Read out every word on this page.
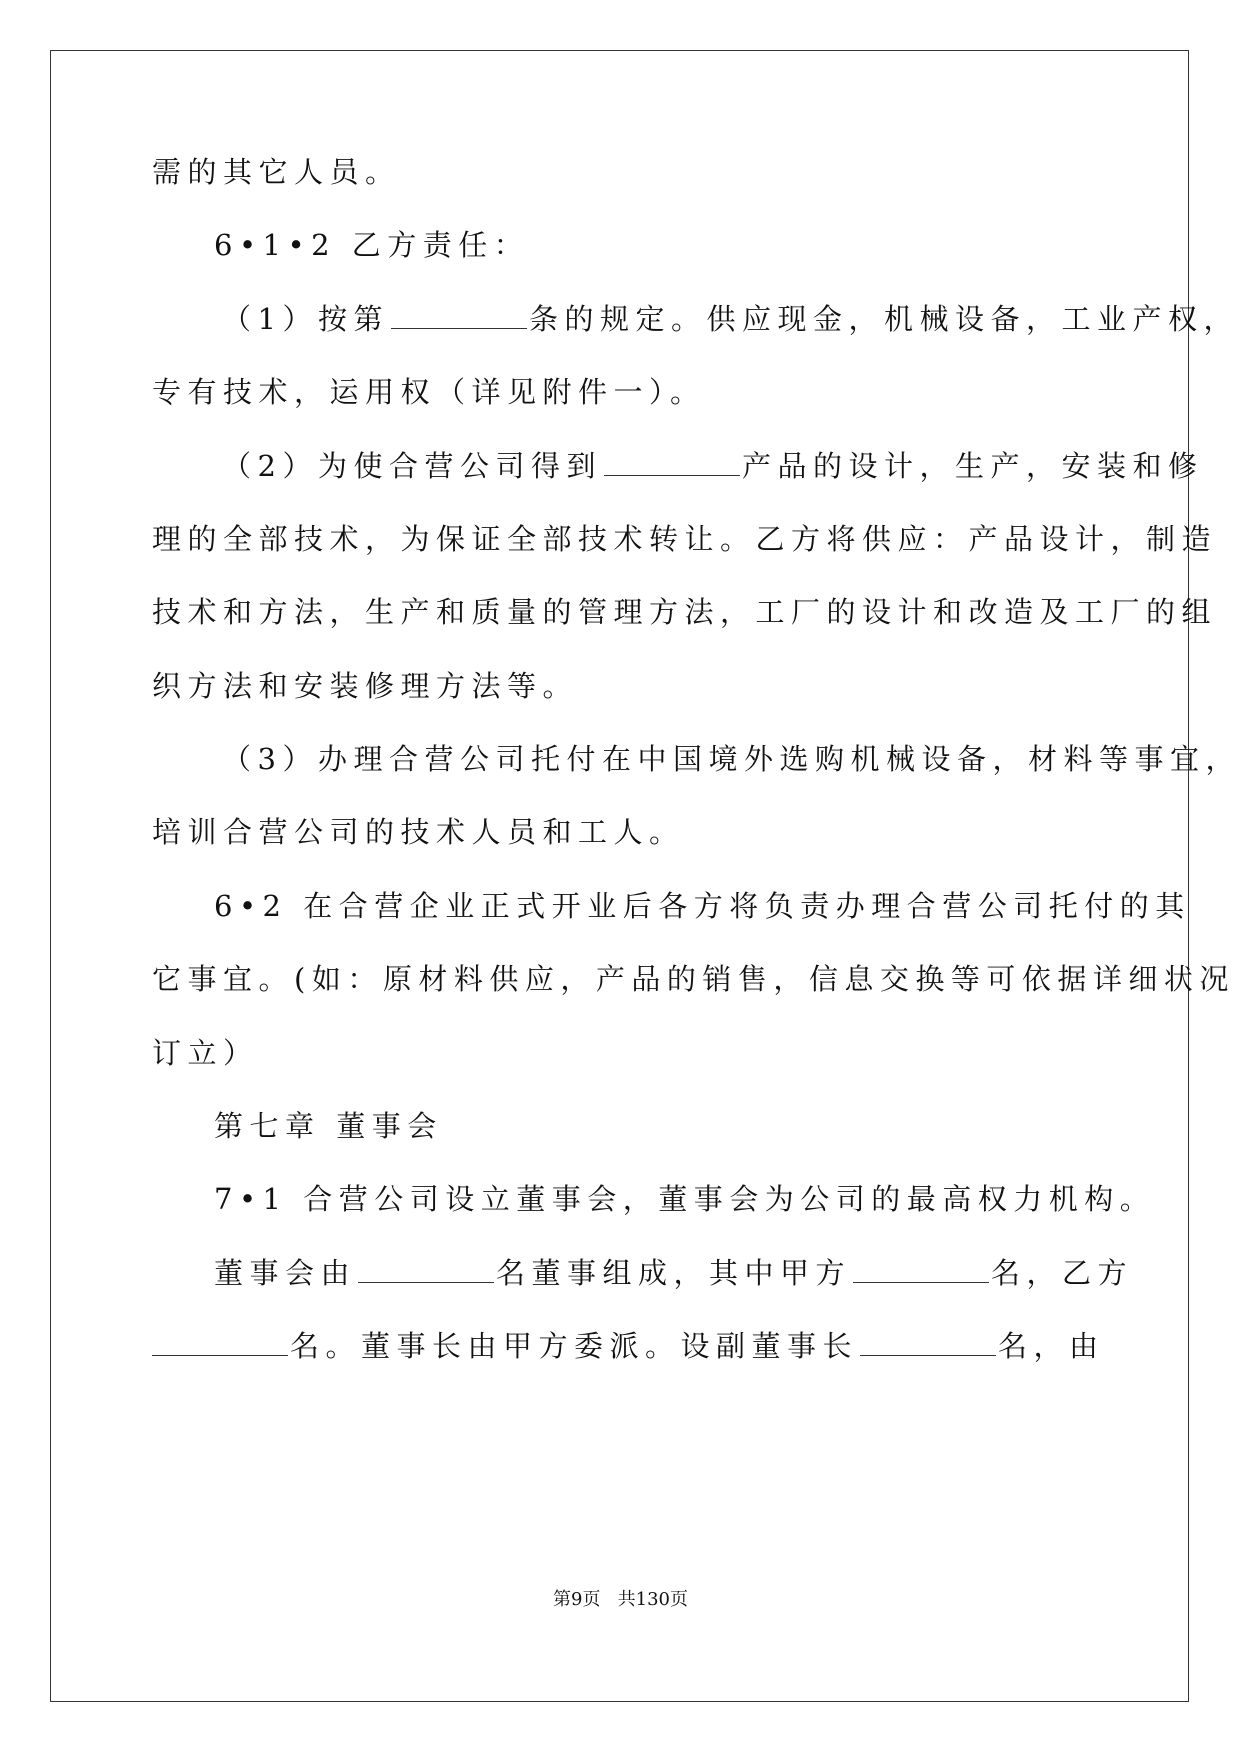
需的其它人员。
6•1•2 乙方责任：
（1）按第	条的规定。供应现金，机械设备，工业产权，
专有技术，运用权（详见附件一）。
（2）为使合营公司得到	产品的设计，生产，安装和修
理的全部技术，为保证全部技术转让。乙方将供应：产品设计，制造
技术和方法，生产和质量的管理方法，工厂的设计和改造及工厂的组
织方法和安装修理方法等。
（3）办理合营公司托付在中国境外选购机械设备，材料等事宜，
培训合营公司的技术人员和工人。
6•2 在合营企业正式开业后各方将负责办理合营公司托付的其
它事宜。(如：原材料供应，产品的销售，信息交换等可依据详细状况
订立）
第七章 董事会
7•1 合营公司设立董事会，董事会为公司的最高权力机构。
董事会由	名董事组成，其中甲方	名，乙方
名。董事长由甲方委派。设副董事长	名，由
第9页   共130页
